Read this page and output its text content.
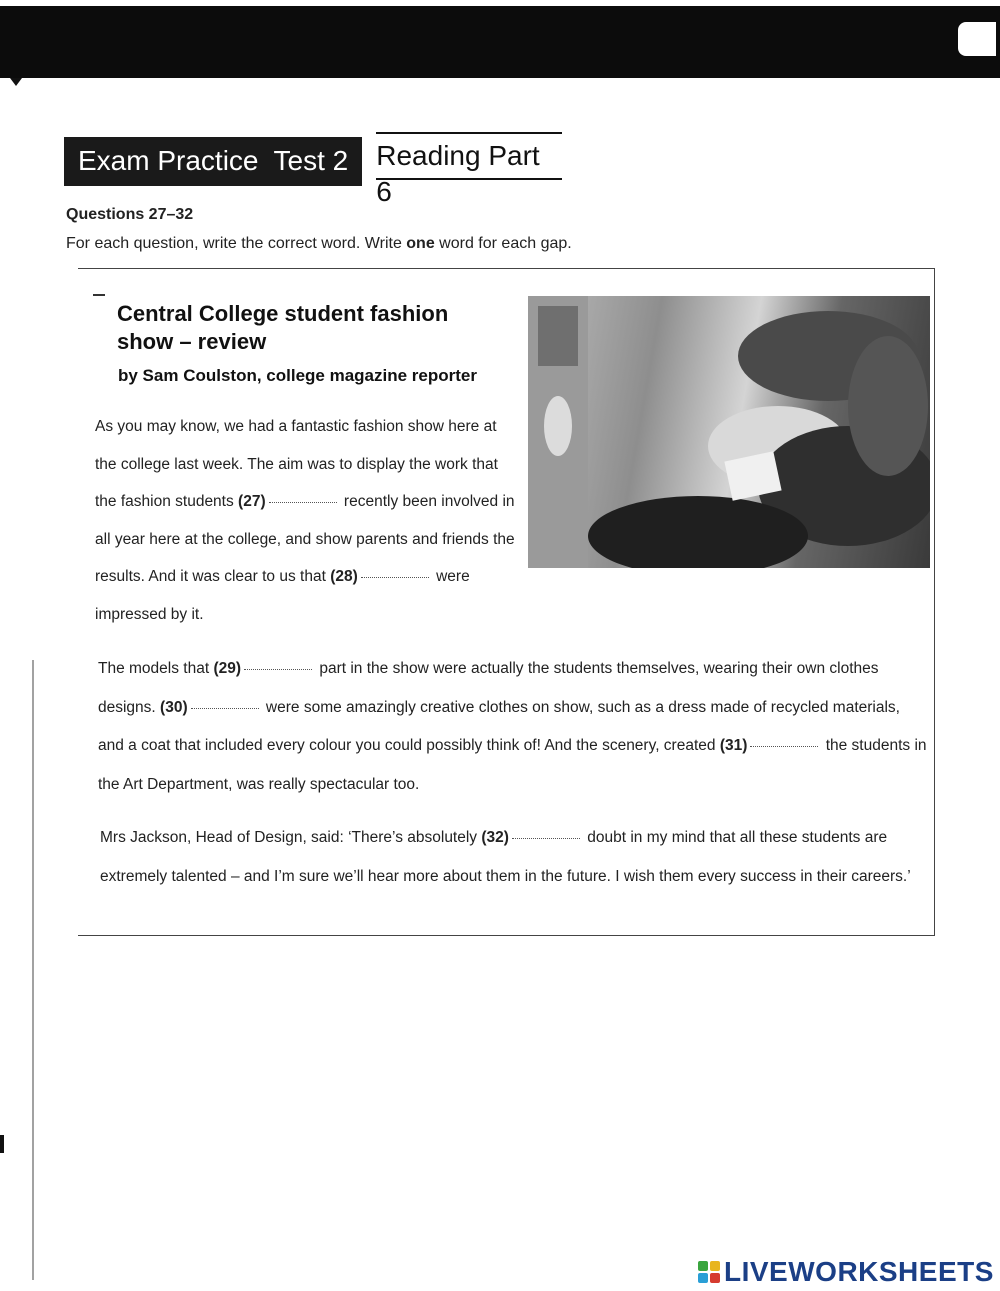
Exam Practice  Test 2	Reading Part 6
Questions 27–32
For each question, write the correct word. Write one word for each gap.
Central College student fashion show – review
by Sam Coulston, college magazine reporter
As you may know, we had a fantastic fashion show here at the college last week. The aim was to display the work that the fashion students (27)	recently been involved in all year here at the college, and show parents and friends the results. And it was clear to us that (28)	were impressed by it.
The models that (29)	part in the show were actually the students themselves, wearing their own clothes designs. (30)	were some amazingly creative clothes on show, such as a dress made of recycled materials, and a coat that included every colour you could possibly think of! And the scenery, created (31)	the students in the Art Department, was really spectacular too.
Mrs Jackson, Head of Design, said: ‘There’s absolutely (32)	doubt in my mind that all these students are extremely talented – and I’m sure we’ll hear more about them in the future. I wish them every success in their careers.’
LIVEWORKSHEETS
